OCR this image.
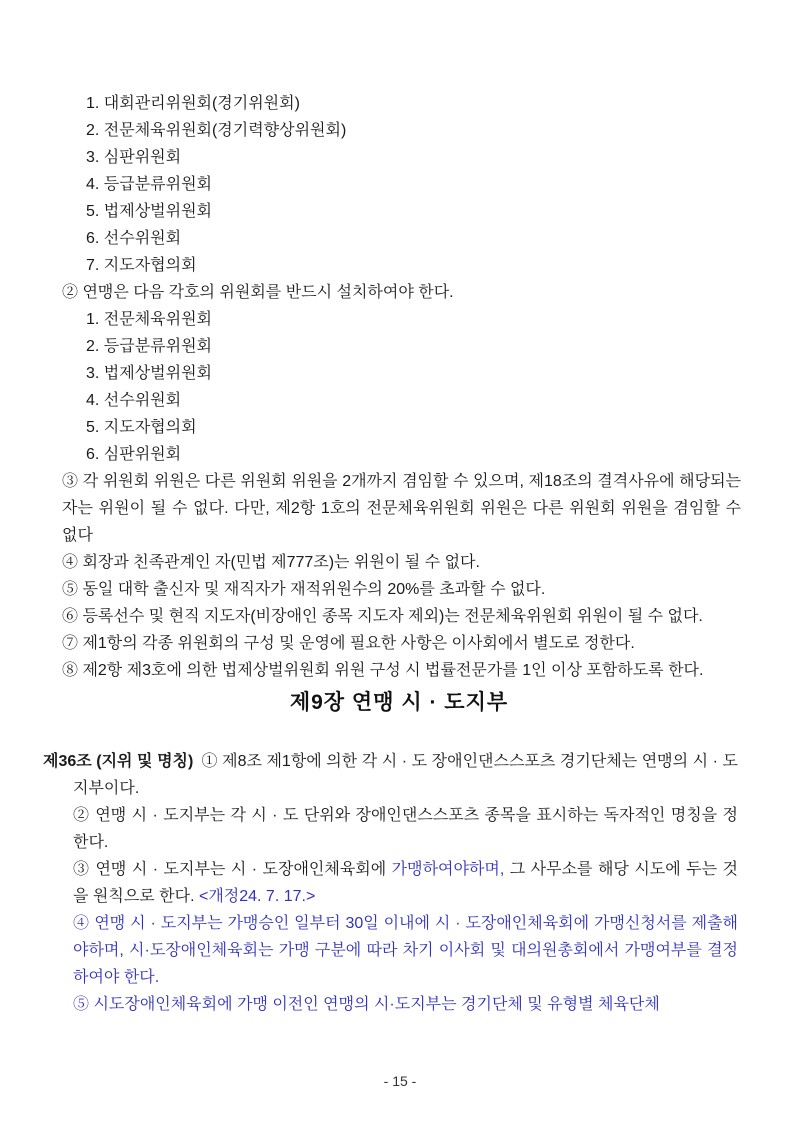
1. 대회관리위원회(경기위원회)
2. 전문체육위원회(경기력향상위원회)
3. 심판위원회
4. 등급분류위원회
5. 법제상벌위원회
6. 선수위원회
7. 지도자협의회

② 연맹은 다음 각호의 위원회를 반드시 설치하여야 한다.

1. 전문체육위원회
2. 등급분류위원회
3. 법제상벌위원회
4. 선수위원회
5. 지도자협의회
6. 심판위원회

③ 각 위원회 위원은 다른 위원회 위원을 2개까지 겸임할 수 있으며, 제18조의 결격사유에 해당되는 자는 위원이 될 수 없다. 다만, 제2항 1호의 전문체육위원회 위원은 다른 위원회 위원을 겸임할 수 없다

④ 회장과 친족관계인 자(민법 제777조)는 위원이 될 수 없다.

⑤ 동일 대학 출신자 및 재직자가 재적위원수의 20%를 초과할 수 없다.

⑥ 등록선수 및 현직 지도자(비장애인 종목 지도자 제외)는 전문체육위원회 위원이 될 수 없다.

⑦ 제1항의 각종 위원회의 구성 및 운영에 필요한 사항은 이사회에서 별도로 정한다.

⑧ 제2항 제3호에 의한 법제상벌위원회 위원 구성 시 법률전문가를 1인 이상 포함하도록 한다.

제9장 연맹 시 · 도지부

제36조 (지위 및 명칭) ① 제8조 제1항에 의한 각 시 · 도 장애인댄스스포츠 경기단체는 연맹의 시 · 도지부이다.

② 연맹 시 · 도지부는 각 시 · 도 단위와 장애인댄스스포츠 종목을 표시하는 독자적인 명칭을 정한다.

③ 연맹 시 · 도지부는 시 · 도장애인체육회에 가맹하여야하며, 그 사무소를 해당 시도에 두는 것을 원칙으로 한다. <개정24. 7. 17.>

④ 연맹 시 · 도지부는 가맹승인 일부터 30일 이내에 시 · 도장애인체육회에 가맹신청서를 제출해야하며, 시·도장애인체육회는 가맹 구분에 따라 차기 이사회 및 대의원총회에서 가맹여부를 결정하여야 한다.

⑤ 시도장애인체육회에 가맹 이전인 연맹의 시·도지부는 경기단체 및 유형별 체육단체

- 15 -
